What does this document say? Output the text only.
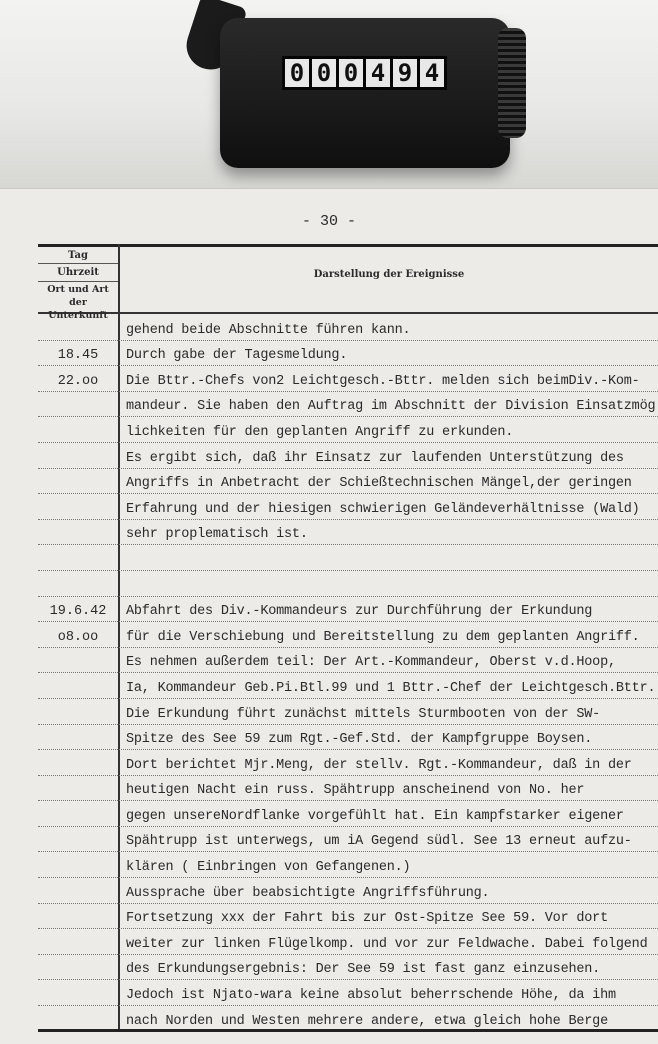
0 0 0 4 9 4
- 30 -
Tag
Uhrzeit
Ort und Art der Unterkunft
Darstellung der Ereignisse
gehend beide Abschnitte führen kann.
18.45	Durch gabe der Tagesmeldung.
22.oo	Die Bttr.-Chefs von2 Leichtgesch.-Bttr. melden sich beimDiv.-Kom-
mandeur. Sie haben den Auftrag im Abschnitt der Division Einsatzmög
lichkeiten für den geplanten Angriff zu erkunden.
Es ergibt sich, daß ihr Einsatz zur laufenden Unterstützung des
Angriffs in Anbetracht der Schießtechnischen Mängel,der geringen
Erfahrung und der hiesigen schwierigen Geländeverhältnisse (Wald)
sehr proplematisch ist.
19.6.42	Abfahrt des Div.-Kommandeurs zur Durchführung der Erkundung
o8.oo	für die Verschiebung und Bereitstellung zu dem geplanten Angriff.
Es nehmen außerdem teil: Der Art.-Kommandeur, Oberst v.d.Hoop,
Ia, Kommandeur Geb.Pi.Btl.99 und 1 Bttr.-Chef der Leichtgesch.Bttr.
Die Erkundung führt zunächst mittels Sturmbooten von der SW-
Spitze des See 59 zum Rgt.-Gef.Std. der Kampfgruppe Boysen.
Dort berichtet Mjr.Meng, der stellv. Rgt.-Kommandeur, daß in der
heutigen Nacht ein russ. Spähtrupp anscheinend von No. her
gegen unsereNordflanke vorgefühlt hat. Ein kampfstarker eigener
Spähtrupp ist unterwegs, um iA Gegend südl. See 13 erneut aufzu-
klären ( Einbringen von Gefangenen.)
Aussprache über beabsichtigte Angriffsführung.
Fortsetzung xxx der Fahrt bis zur Ost-Spitze See 59. Vor dort
weiter zur linken Flügelkomp. und vor zur Feldwache. Dabei folgend
des Erkundungsergebnis: Der See 59 ist fast ganz einzusehen.
Jedoch ist Njato-wara keine absolut beherrschende Höhe, da ihm
nach Norden und Westen mehrere andere, etwa gleich hohe Berge
